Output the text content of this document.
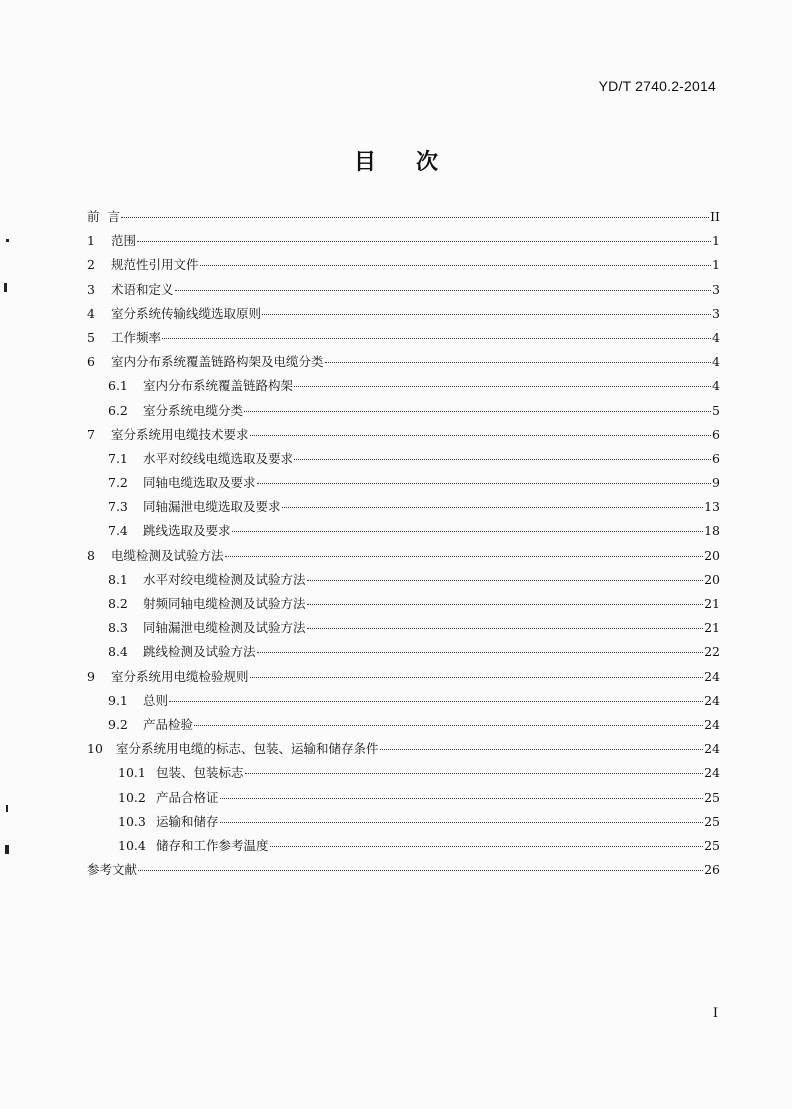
YD/T 2740.2-2014
目 次
前  言	II
1	范围	1
2	规范性引用文件	1
3	术语和定义	3
4	室分系统传输线缆选取原则	3
5	工作频率	4
6	室内分布系统覆盖链路构架及电缆分类	4
6.1	室内分布系统覆盖链路构架	4
6.2	室分系统电缆分类	5
7	室分系统用电缆技术要求	6
7.1	水平对绞线电缆选取及要求	6
7.2	同轴电缆选取及要求	9
7.3	同轴漏泄电缆选取及要求	13
7.4	跳线选取及要求	18
8	电缆检测及试验方法	20
8.1	水平对绞电缆检测及试验方法	20
8.2	射频同轴电缆检测及试验方法	21
8.3	同轴漏泄电缆检测及试验方法	21
8.4	跳线检测及试验方法	22
9	室分系统用电缆检验规则	24
9.1	总则	24
9.2	产品检验	24
10	室分系统用电缆的标志、包装、运输和储存条件	24
10.1 包装、包装标志	24
10.2 产品合格证	25
10.3 运输和储存	25
10.4 储存和工作参考温度	25
参考文献	26
I
